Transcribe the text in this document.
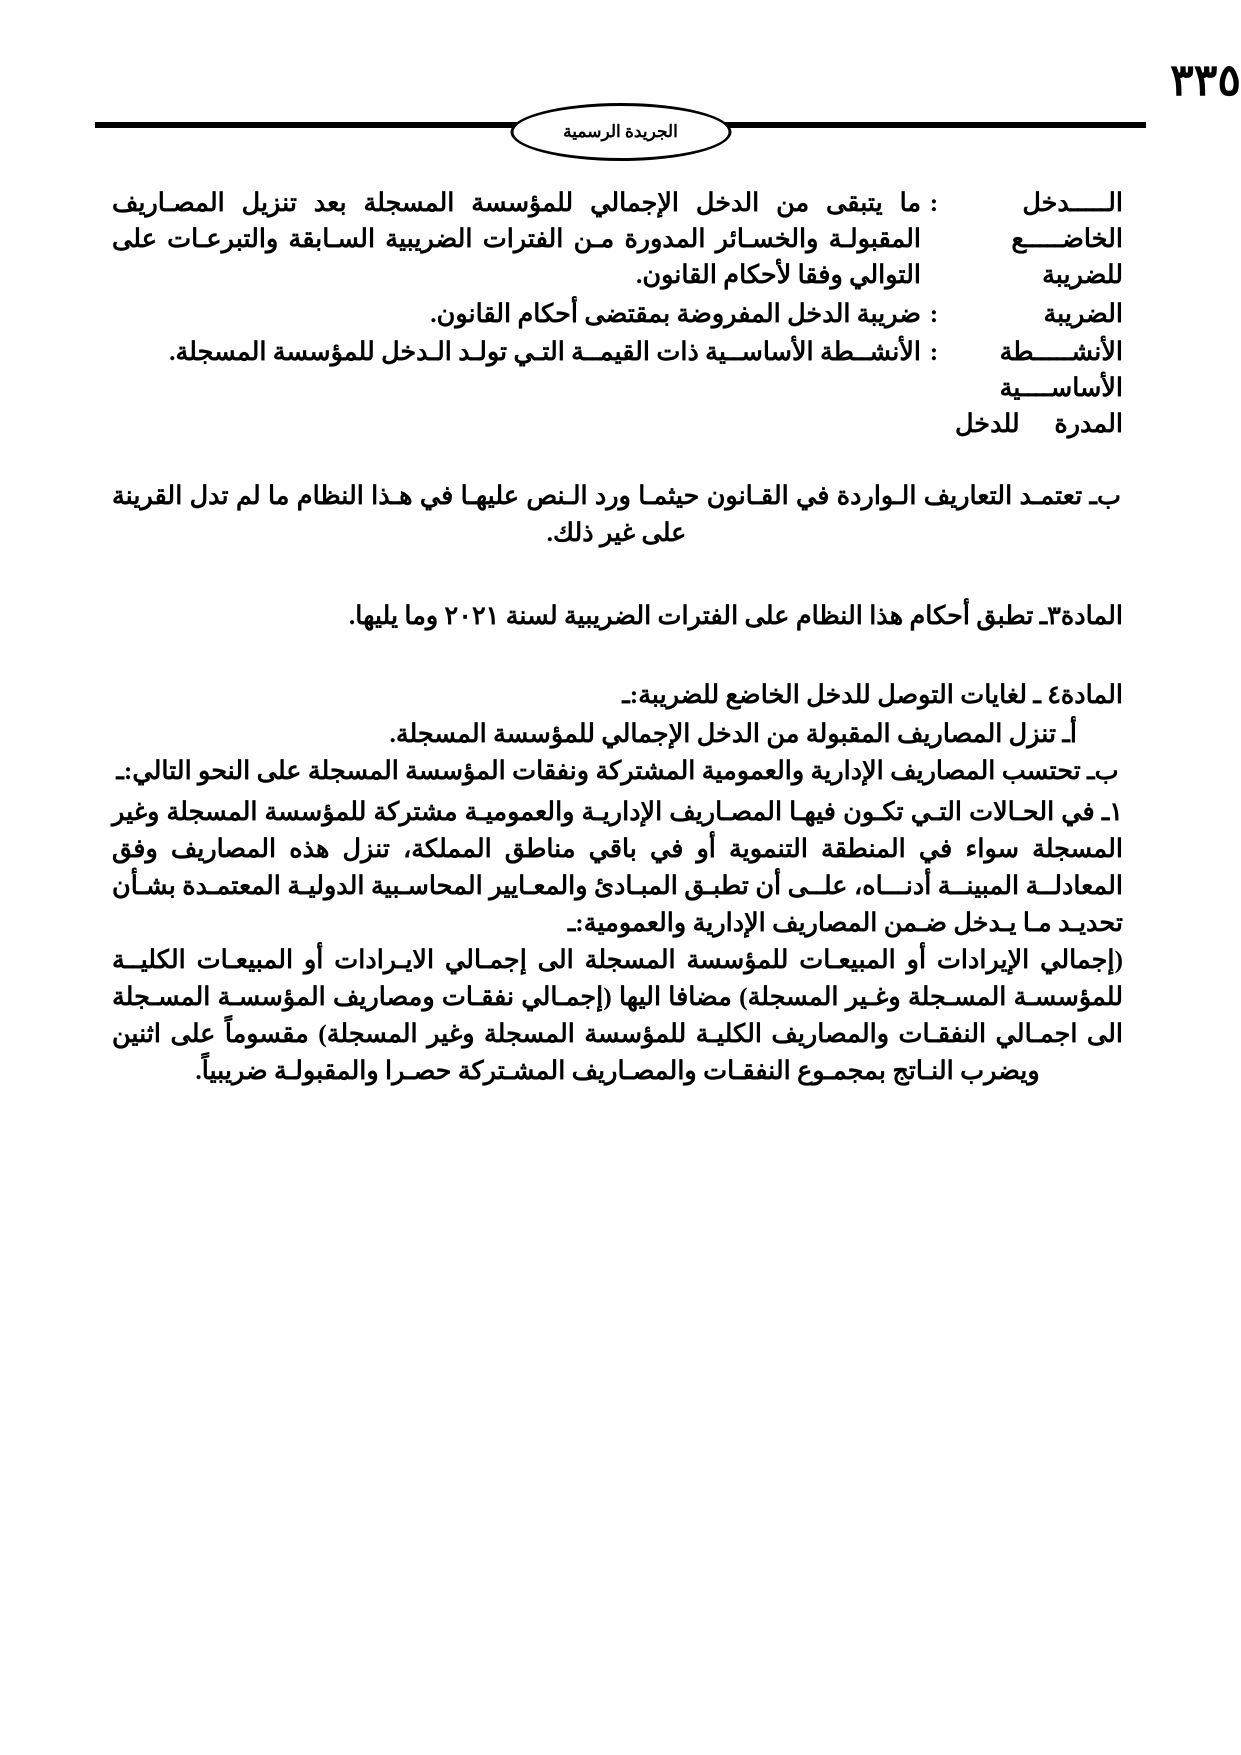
٣٣٥
الجريدة الرسمية
الـــــدخل الخاضـــــع للضريبة	:	ما يتبقى من الدخل الإجمالي للمؤسسة المسجلة بعد تنزيل المصـاريف المقبولـة والخسـائر المدورة مـن الفترات الضريبية السـابقة والتبرعـات على التوالي وفقا لأحكام القانون.
الضريبة	:	ضريبة الدخل المفروضة بمقتضى أحكام القانون.
الأنشـــــطة الأساســــية المدرة للدخل	:	الأنشــطة الأساســية ذات القيمــة التـي تولـد الـدخل للمؤسسة المسجلة.
ب‌ـ تعتمـد التعاريف الـواردة في القـانون حيثمـا ورد الـنص عليهـا في هـذا النظام ما لم تدل القرينة على غير ذلك.
المادة٣ـ تطبق أحكام هذا النظام على الفترات الضريبية لسنة ٢٠٢١ وما يليها.
المادة٤ ـ لغايات التوصل للدخل الخاضع للضريبة:ـ
أ‌ـ تنزل المصاريف المقبولة من الدخل الإجمالي للمؤسسة المسجلة.
ب‌ـ تحتسب المصاريف الإدارية والعمومية المشتركة ونفقات المؤسسة المسجلة على النحو التالي:ـ
١ـ في الحـالات التـي تكـون فيهـا المصـاريف الإداريـة والعموميـة مشتركة للمؤسسة المسجلة وغير المسجلة سواء في المنطقة التنموية أو في باقي مناطق المملكة، تنزل هذه المصاريف وفق المعادلــة المبينــة أدنـــاه، علــى أن تطبـق المبـادئ والمعـايير المحاسـبية الدوليـة المعتمـدة بشـأن تحديـد مـا يـدخل ضـمن المصاريف الإدارية والعمومية:ـ
(إجمالي الإيرادات أو المبيعـات للمؤسسة المسجلة الى إجمـالي الايـرادات أو المبيعـات الكليــة للمؤسسـة المسـجلة وغـير المسجلة) مضافا اليها (إجمـالي نفقـات ومصاريف المؤسسـة المسـجلة الى اجمـالي النفقـات والمصاريف الكليـة للمؤسسة المسجلة وغير المسجلة) مقسوماً على اثنين ويضرب النـاتج بمجمـوع النفقـات والمصـاريف المشـتركة حصـرا والمقبولـة ضريبياً.
